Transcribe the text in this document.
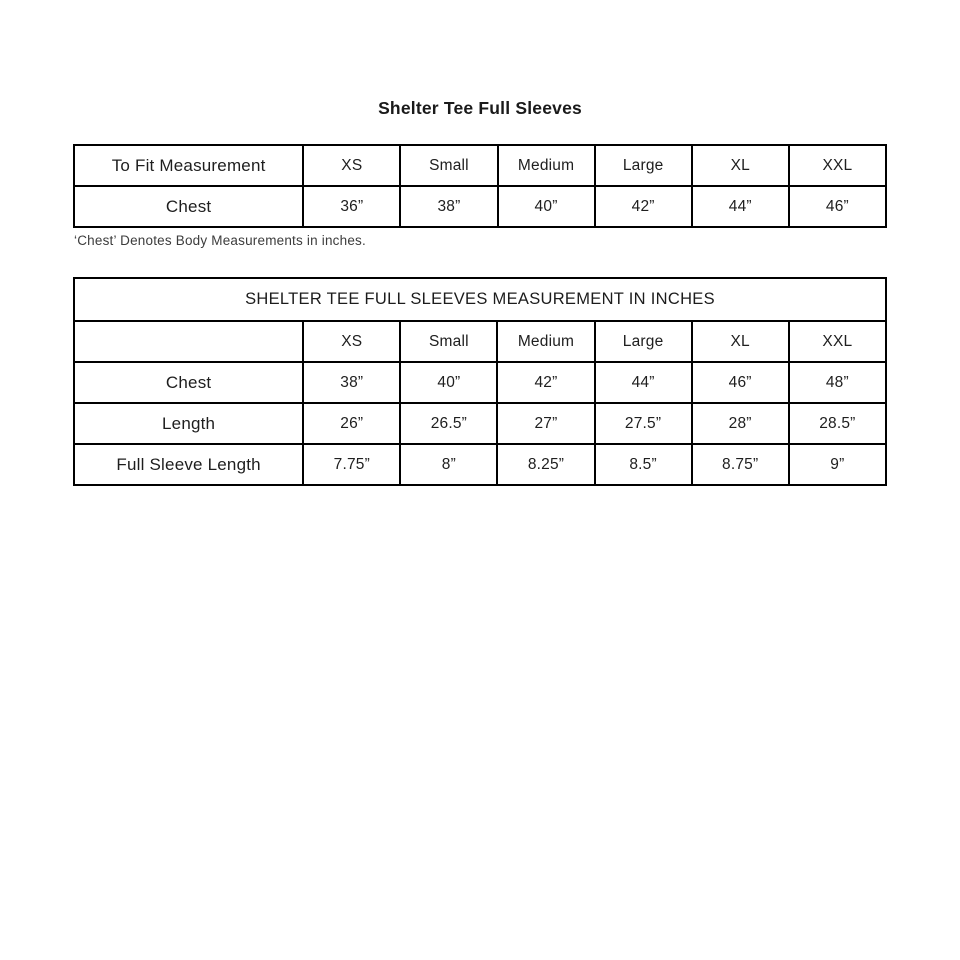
Shelter Tee Full Sleeves
To Fit Measurement	XS	Small	Medium	Large	XL	XXL
Chest	36”	38”	40”	42”	44”	46”

‘Chest’ Denotes Body Measurements in inches.

SHELTER TEE FULL SLEEVES MEASUREMENT IN INCHES						
	XS	Small	Medium	Large	XL	XXL
Chest	38”	40”	42”	44”	46”	48”
Length	26”	26.5”	27”	27.5”	28”	28.5”
Full Sleeve Length	7.75”	8”	8.25”	8.5”	8.75”	9”
